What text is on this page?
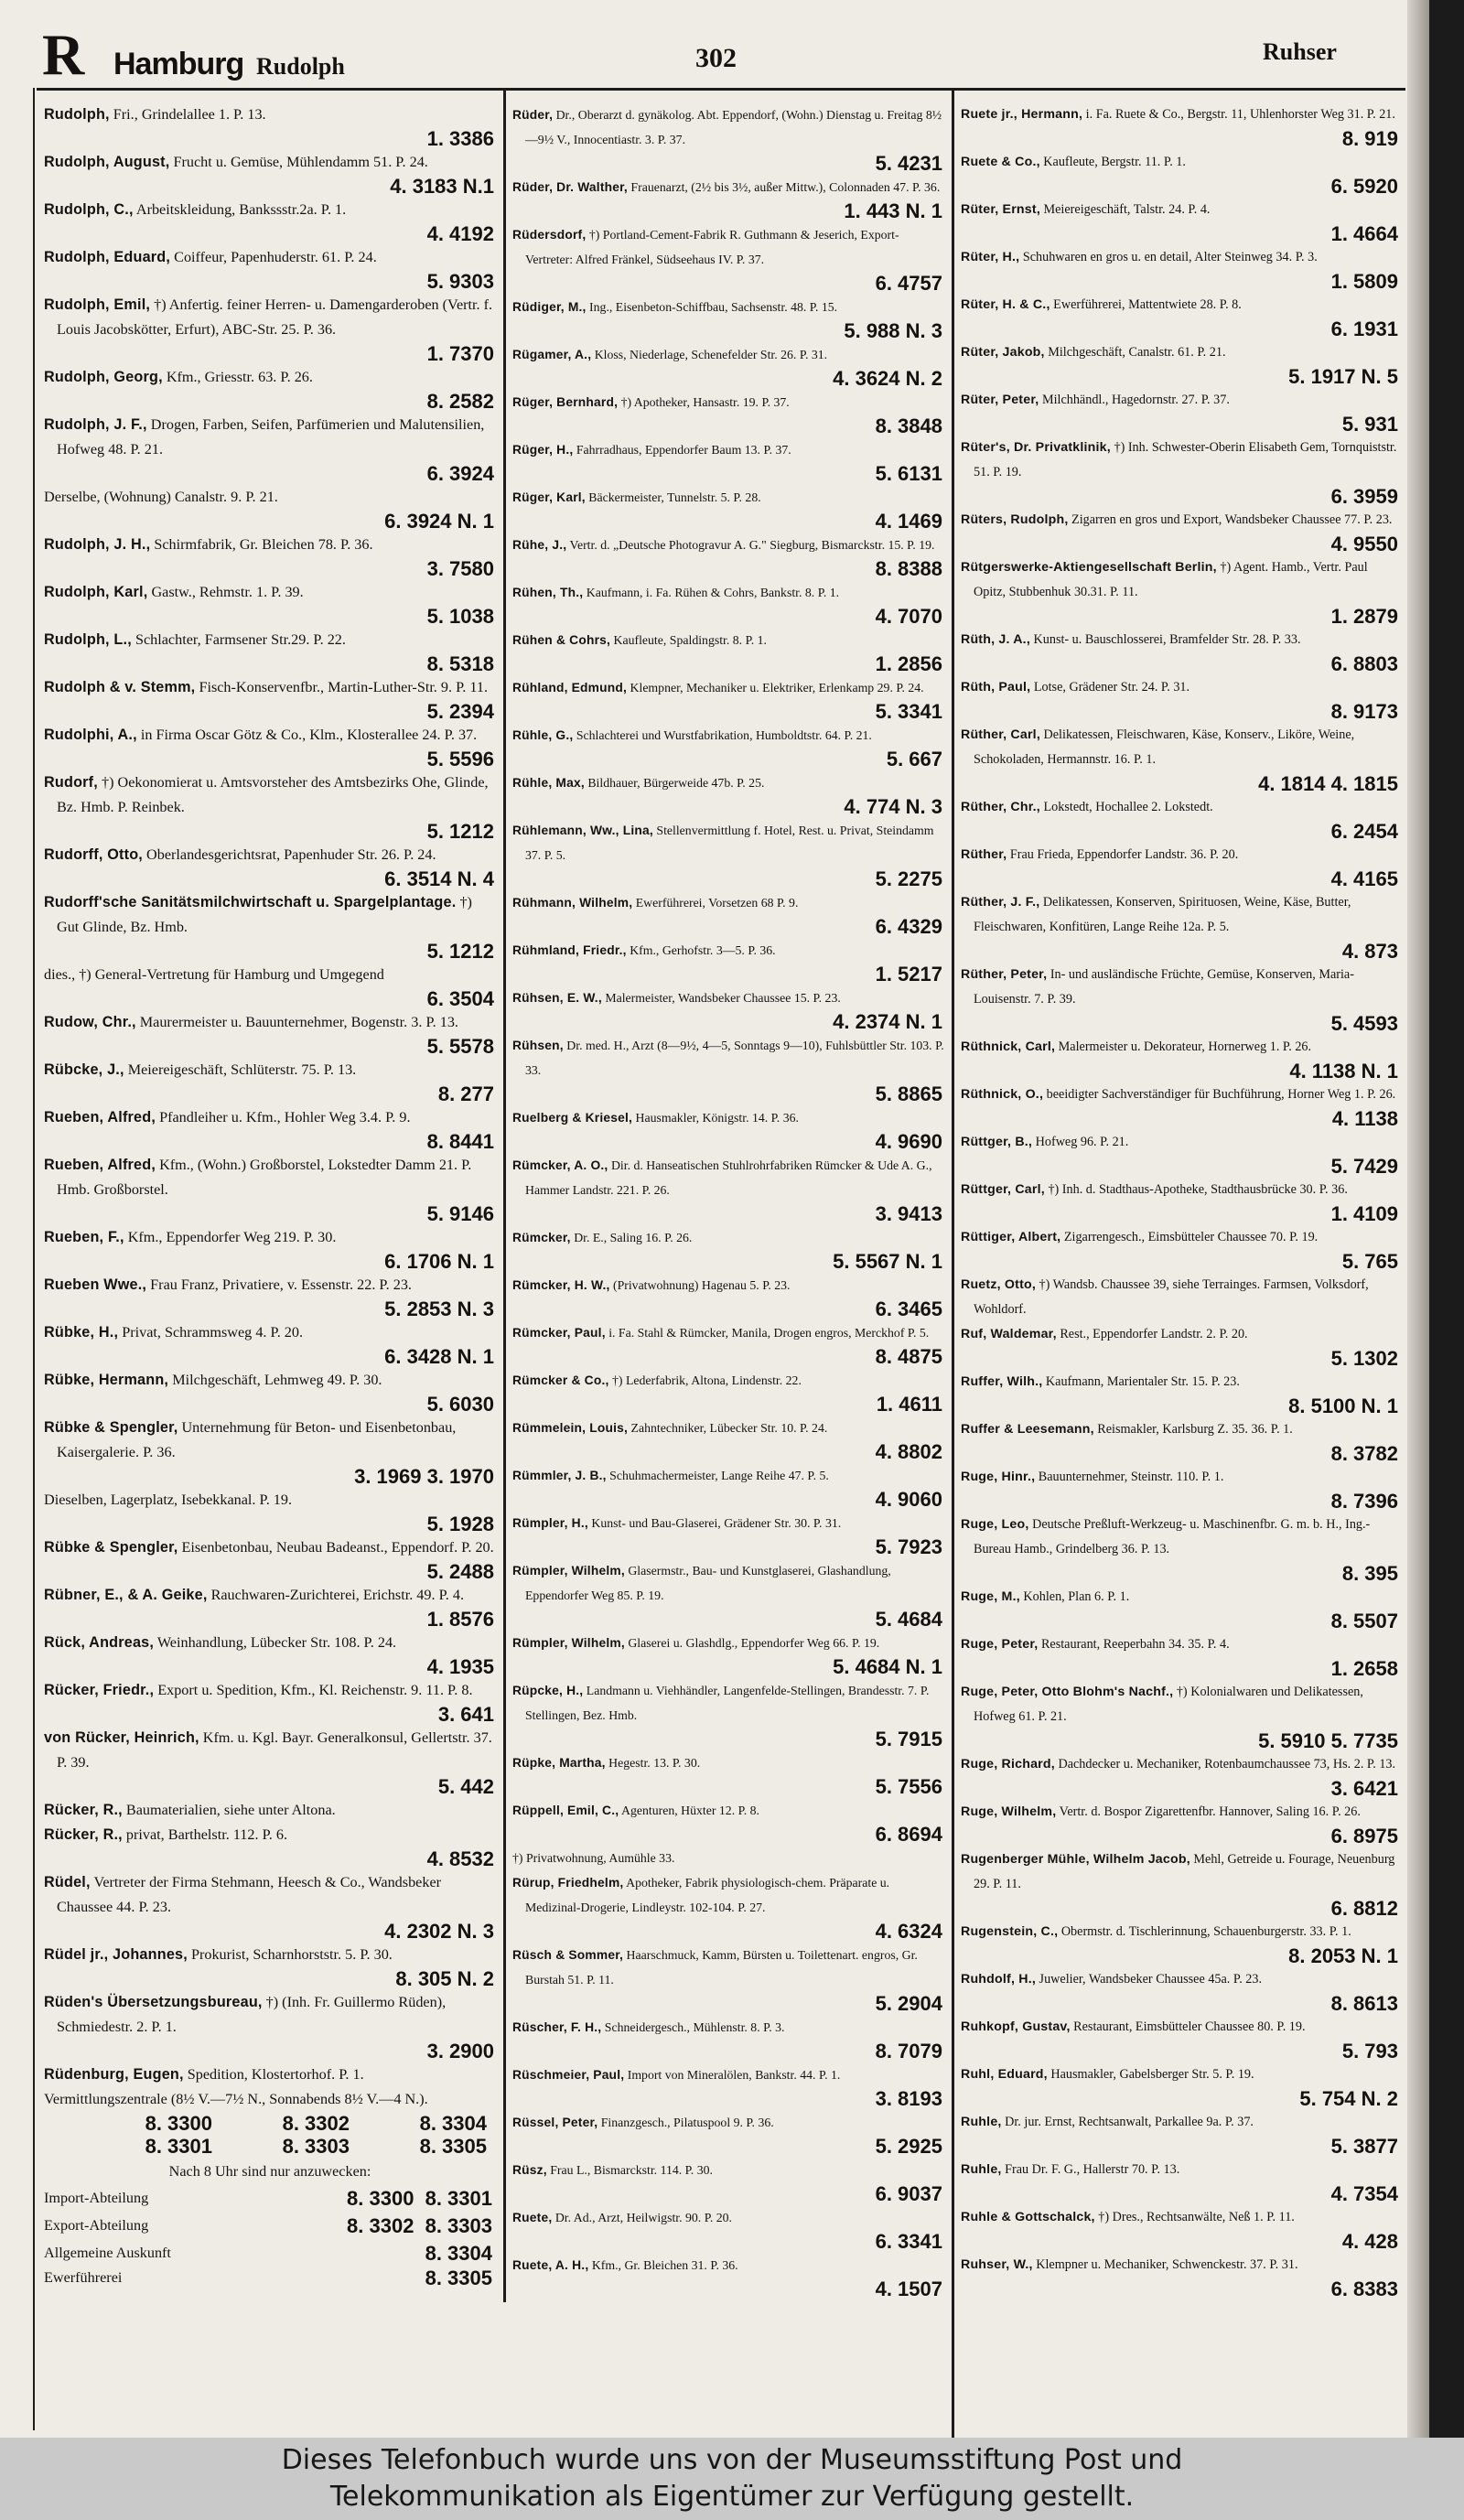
R Hamburg Rudolph	302	Ruhser

Rudolph, Fri., Grindelallee 1. P. 13.
1. 3386

Rudolph, August, Frucht u. Gemüse, Mühlendamm 51. P. 24.
4. 3183 N.1

Rudolph, C., Arbeitskleidung, Bankssstr.2a. P. 1.
4. 4192

Rudolph, Eduard, Coiffeur, Papenhuderstr. 61. P. 24.
5. 9303

Rudolph, Emil, †) Anfertig. feiner Herren- u. Damengarderoben (Vertr. f. Louis Jacobskötter, Erfurt), ABC-Str. 25. P. 36.
1. 7370

Rudolph, Georg, Kfm., Griesstr. 63. P. 26.
8. 2582

Rudolph, J. F., Drogen, Farben, Seifen, Parfümerien und Malutensilien, Hofweg 48. P. 21.
6. 3924

Derselbe, (Wohnung) Canalstr. 9. P. 21.
6. 3924 N. 1

Rudolph, J. H., Schirmfabrik, Gr. Bleichen 78. P. 36.
3. 7580

Rudolph, Karl, Gastw., Rehmstr. 1. P. 39.
5. 1038

Rudolph, L., Schlachter, Farmsener Str.29. P. 22.
8. 5318

Rudolph & v. Stemm, Fisch-Konservenfbr., Martin-Luther-Str. 9. P. 11.
5. 2394

Rudolphi, A., in Firma Oscar Götz & Co., Klm., Klosterallee 24. P. 37.
5. 5596

Rudorf, †) Oekonomierat u. Amtsvorsteher des Amtsbezirks Ohe, Glinde, Bz. Hmb. P. Reinbek.
5. 1212

Rudorff, Otto, Oberlandesgerichtsrat, Papenhuder Str. 26. P. 24.
6. 3514 N. 4

Rudorff'sche Sanitätsmilchwirtschaft u. Spargelplantage. †) Gut Glinde, Bz. Hmb.
5. 1212

dies., †) General-Vertretung für Hamburg und Umgegend
6. 3504

Rudow, Chr., Maurermeister u. Bauunternehmer, Bogenstr. 3. P. 13.
5. 5578

Rübcke, J., Meiereigeschäft, Schlüterstr. 75. P. 13.
8. 277

Rueben, Alfred, Pfandleiher u. Kfm., Hohler Weg 3.4. P. 9.
8. 8441

Rueben, Alfred, Kfm., (Wohn.) Großborstel, Lokstedter Damm 21. P. Hmb. Großborstel.
5. 9146

Rueben, F., Kfm., Eppendorfer Weg 219. P. 30.
6. 1706 N. 1

Rueben Wwe., Frau Franz, Privatiere, v. Essenstr. 22. P. 23.
5. 2853 N. 3

Rübke, H., Privat, Schrammsweg 4. P. 20.
6. 3428 N. 1

Rübke, Hermann, Milchgeschäft, Lehmweg 49. P. 30.
5. 6030

Rübke & Spengler, Unternehmung für Beton- und Eisenbetonbau, Kaisergalerie. P. 36.
3. 1969 3. 1970

Dieselben, Lagerplatz, Isebekkanal. P. 19.
5. 1928

Rübke & Spengler, Eisenbetonbau, Neubau Badeanst., Eppendorf. P. 20.
5. 2488

Rübner, E., & A. Geike, Rauchwaren-Zurichterei, Erichstr. 49. P. 4.
1. 8576

Rück, Andreas, Weinhandlung, Lübecker Str. 108. P. 24.
4. 1935

Rücker, Friedr., Export u. Spedition, Kfm., Kl. Reichenstr. 9. 11. P. 8.
3. 641

von Rücker, Heinrich, Kfm. u. Kgl. Bayr. Generalkonsul, Gellertstr. 37. P. 39.
5. 442

Rücker, R., Baumaterialien, siehe unter Altona.

Rücker, R., privat, Barthelstr. 112. P. 6.
4. 8532

Rüdel, Vertreter der Firma Stehmann, Heesch & Co., Wandsbeker Chaussee 44. P. 23.
4. 2302 N. 3

Rüdel jr., Johannes, Prokurist, Scharnhorststr. 5. P. 30.
8. 305 N. 2

Rüden's Übersetzungsbureau, †) (Inh. Fr. Guillermo Rüden), Schmiedestr. 2. P. 1.
3. 2900

Rüdenburg, Eugen, Spedition, Klostertorhof. P. 1.

Vermittlungszentrale (8½ V.—7½ N., Sonnabends 8½ V.—4 N.).

8. 3300	8. 3302	8. 3304
8. 3301	8. 3303	8. 3305

Nach 8 Uhr sind nur anzuwecken:

Import-Abteilung	8. 3300 8. 3301
Export-Abteilung	8. 3302 8. 3303
Allgemeine Auskunft	8. 3304
Ewerführerei	8. 3305

Rüder, Dr., Oberarzt d. gynäkolog. Abt. Eppendorf, (Wohn.) Dienstag u. Freitag 8½—9½ V., Innocentiastr. 3. P. 37.
5. 4231

Rüder, Dr. Walther, Frauenarzt, (2½ bis 3½, außer Mittw.), Colonnaden 47. P. 36.
1. 443 N. 1

Rüdersdorf, †) Portland-Cement-Fabrik R. Guthmann & Jeserich, Export-Vertreter: Alfred Fränkel, Südseehaus IV. P. 37.
6. 4757

Rüdiger, M., Ing., Eisenbeton-Schiffbau, Sachsenstr. 48. P. 15.
5. 988 N. 3

Rügamer, A., Kloss, Niederlage, Schenefelder Str. 26. P. 31.
4. 3624 N. 2

Rüger, Bernhard, †) Apotheker, Hansastr. 19. P. 37.
8. 3848

Rüger, H., Fahrradhaus, Eppendorfer Baum 13. P. 37.
5. 6131

Rüger, Karl, Bäckermeister, Tunnelstr. 5. P. 28.
4. 1469

Rühe, J., Vertr. d. „Deutsche Photogravur A. G." Siegburg, Bismarckstr. 15. P. 19.
8. 8388

Rühen, Th., Kaufmann, i. Fa. Rühen & Cohrs, Bankstr. 8. P. 1.
4. 7070

Rühen & Cohrs, Kaufleute, Spaldingstr. 8. P. 1.
1. 2856

Rühland, Edmund, Klempner, Mechaniker u. Elektriker, Erlenkamp 29. P. 24.
5. 3341

Rühle, G., Schlachterei und Wurstfabrikation, Humboldtstr. 64. P. 21.
5. 667

Rühle, Max, Bildhauer, Bürgerweide 47b. P. 25.
4. 774 N. 3

Rühlemann, Ww., Lina, Stellenvermittlung f. Hotel, Rest. u. Privat, Steindamm 37. P. 5.
5. 2275

Rühmann, Wilhelm, Ewerführerei, Vorsetzen 68 P. 9.
6. 4329

Rühmland, Friedr., Kfm., Gerhofstr. 3—5. P. 36.
1. 5217

Rühsen, E. W., Malermeister, Wandsbeker Chaussee 15. P. 23.
4. 2374 N. 1

Rühsen, Dr. med. H., Arzt (8—9½, 4—5, Sonntags 9—10), Fuhlsbüttler Str. 103. P. 33.
5. 8865

Ruelberg & Kriesel, Hausmakler, Königstr. 14. P. 36.
4. 9690

Rümcker, A. O., Dir. d. Hanseatischen Stuhlrohrfabriken Rümcker & Ude A. G., Hammer Landstr. 221. P. 26.
3. 9413

Rümcker, Dr. E., Saling 16. P. 26.
5. 5567 N. 1

Rümcker, H. W., (Privatwohnung) Hagenau 5. P. 23.
6. 3465

Rümcker, Paul, i. Fa. Stahl & Rümcker, Manila, Drogen engros, Merckhof P. 5.
8. 4875

Rümcker & Co., †) Lederfabrik, Altona, Lindenstr. 22.
1. 4611

Rümmelein, Louis, Zahntechniker, Lübecker Str. 10. P. 24.
4. 8802

Rümmler, J. B., Schuhmachermeister, Lange Reihe 47. P. 5.
4. 9060

Rümpler, H., Kunst- und Bau-Glaserei, Grädener Str. 30. P. 31.
5. 7923

Rümpler, Wilhelm, Glasermstr., Bau- und Kunstglaserei, Glashandlung, Eppendorfer Weg 85. P. 19.
5. 4684

Rümpler, Wilhelm, Glaserei u. Glashdlg., Eppendorfer Weg 66. P. 19.
5. 4684 N. 1

Rüpcke, H., Landmann u. Viehhändler, Langenfelde-Stellingen, Brandesstr. 7. P. Stellingen, Bez. Hmb.
5. 7915

Rüpke, Martha, Hegestr. 13. P. 30.
5. 7556

Rüppell, Emil, C., Agenturen, Hüxter 12. P. 8.
6. 8694

†) Privatwohnung, Aumühle 33.

Rürup, Friedhelm, Apotheker, Fabrik physiologisch-chem. Präparate u. Medizinal-Drogerie, Lindleystr. 102-104. P. 27.
4. 6324

Rüsch & Sommer, Haarschmuck, Kamm, Bürsten u. Toilettenart. engros, Gr. Burstah 51. P. 11.
5. 2904

Rüscher, F. H., Schneidergesch., Mühlenstr. 8. P. 3.
8. 7079

Rüschmeier, Paul, Import von Mineralölen, Bankstr. 44. P. 1.
3. 8193

Rüssel, Peter, Finanzgesch., Pilatuspool 9. P. 36.
5. 2925

Rüsz, Frau L., Bismarckstr. 114. P. 30.
6. 9037

Ruete, Dr. Ad., Arzt, Heilwigstr. 90. P. 20.
6. 3341

Ruete, A. H., Kfm., Gr. Bleichen 31. P. 36.
4. 1507

Ruete jr., Hermann, i. Fa. Ruete & Co., Bergstr. 11, Uhlenhorster Weg 31. P. 21.
8. 919

Ruete & Co., Kaufleute, Bergstr. 11. P. 1.
6. 5920

Rüter, Ernst, Meiereigeschäft, Talstr. 24. P. 4.
1. 4664

Rüter, H., Schuhwaren en gros u. en detail, Alter Steinweg 34. P. 3.
1. 5809

Rüter, H. & C., Ewerführerei, Mattentwiete 28. P. 8.
6. 1931

Rüter, Jakob, Milchgeschäft, Canalstr. 61. P. 21.
5. 1917 N. 5

Rüter, Peter, Milchhändl., Hagedornstr. 27. P. 37.
5. 931

Rüter's, Dr. Privatklinik, †) Inh. Schwester-Oberin Elisabeth Gem, Tornquiststr. 51. P. 19.
6. 3959

Rüters, Rudolph, Zigarren en gros und Export, Wandsbeker Chaussee 77. P. 23.
4. 9550

Rütgerswerke-Aktiengesellschaft Berlin, †) Agent. Hamb., Vertr. Paul Opitz, Stubbenhuk 30.31. P. 11.
1. 2879

Rüth, J. A., Kunst- u. Bauschlosserei, Bramfelder Str. 28. P. 33.
6. 8803

Rüth, Paul, Lotse, Grädener Str. 24. P. 31.
8. 9173

Rüther, Carl, Delikatessen, Fleischwaren, Käse, Konserv., Liköre, Weine, Schokoladen, Hermannstr. 16. P. 1.
4. 1814 4. 1815

Rüther, Chr., Lokstedt, Hochallee 2. Lokstedt.
6. 2454

Rüther, Frau Frieda, Eppendorfer Landstr. 36. P. 20.
4. 4165

Rüther, J. F., Delikatessen, Konserven, Spirituosen, Weine, Käse, Butter, Fleischwaren, Konfitüren, Lange Reihe 12a. P. 5.
4. 873

Rüther, Peter, In- und ausländische Früchte, Gemüse, Konserven, Maria-Louisenstr. 7. P. 39.
5. 4593

Rüthnick, Carl, Malermeister u. Dekorateur, Hornerweg 1. P. 26.
4. 1138 N. 1

Rüthnick, O., beeidigter Sachverständiger für Buchführung, Horner Weg 1. P. 26.
4. 1138

Rüttger, B., Hofweg 96. P. 21.
5. 7429

Rüttger, Carl, †) Inh. d. Stadthaus-Apotheke, Stadthausbrücke 30. P. 36.
1. 4109

Rüttiger, Albert, Zigarrengesch., Eimsbütteler Chaussee 70. P. 19.
5. 765

Ruetz, Otto, †) Wandsb. Chaussee 39, siehe Terrainges. Farmsen, Volksdorf, Wohldorf.

Ruf, Waldemar, Rest., Eppendorfer Landstr. 2. P. 20.
5. 1302

Ruffer, Wilh., Kaufmann, Marientaler Str. 15. P. 23.
8. 5100 N. 1

Ruffer & Leesemann, Reismakler, Karlsburg Z. 35. 36. P. 1.
8. 3782

Ruge, Hinr., Bauunternehmer, Steinstr. 110. P. 1.
8. 7396

Ruge, Leo, Deutsche Preßluft-Werkzeug- u. Maschinenfbr. G. m. b. H., Ing.-Bureau Hamb., Grindelberg 36. P. 13.
8. 395

Ruge, M., Kohlen, Plan 6. P. 1.
8. 5507

Ruge, Peter, Restaurant, Reeperbahn 34. 35. P. 4.
1. 2658

Ruge, Peter, Otto Blohm's Nachf., †) Kolonialwaren und Delikatessen, Hofweg 61. P. 21.
5. 5910 5. 7735

Ruge, Richard, Dachdecker u. Mechaniker, Rotenbaumchaussee 73, Hs. 2. P. 13.
3. 6421

Ruge, Wilhelm, Vertr. d. Bospor Zigarettenfbr. Hannover, Saling 16. P. 26.
6. 8975

Rugenberger Mühle, Wilhelm Jacob, Mehl, Getreide u. Fourage, Neuenburg 29. P. 11.
6. 8812

Rugenstein, C., Obermstr. d. Tischlerinnung, Schauenburgerstr. 33. P. 1.
8. 2053 N. 1

Ruhdolf, H., Juwelier, Wandsbeker Chaussee 45a. P. 23.
8. 8613

Ruhkopf, Gustav, Restaurant, Eimsbütteler Chaussee 80. P. 19.
5. 793

Ruhl, Eduard, Hausmakler, Gabelsberger Str. 5. P. 19.
5. 754 N. 2

Ruhle, Dr. jur. Ernst, Rechtsanwalt, Parkallee 9a. P. 37.
5. 3877

Ruhle, Frau Dr. F. G., Hallerstr 70. P. 13.
4. 7354

Ruhle & Gottschalck, †) Dres., Rechtsanwälte, Neß 1. P. 11.
4. 428

Ruhser, W., Klempner u. Mechaniker, Schwenckestr. 37. P. 31.
6. 8383

Dieses Telefonbuch wurde uns von der Museumsstiftung Post und
Telekommunikation als Eigentümer zur Verfügung gestellt.
